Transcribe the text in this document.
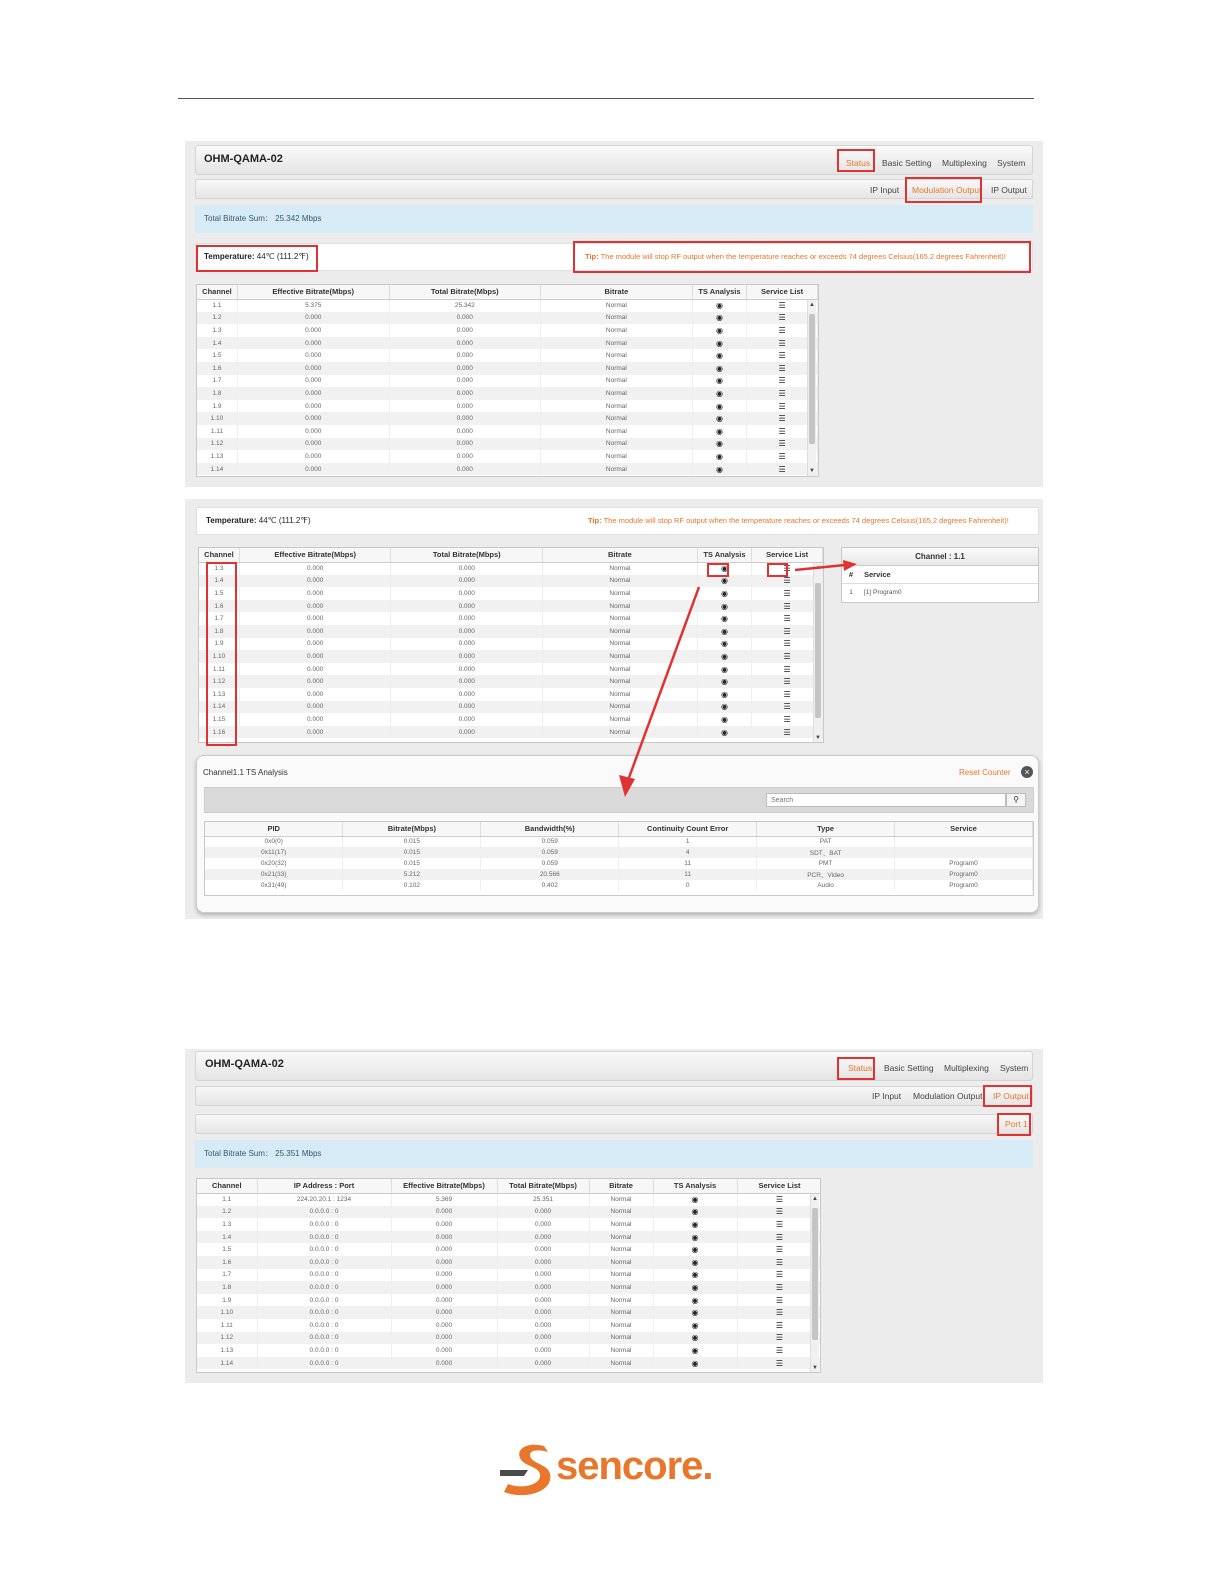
OHM-QAMA-02	Status Basic Setting Multiplexing System
IP Input Modulation Output IP Output
Total Bitrate Sum： 25.342 Mbps
Temperature: 44℃ (111.2℉)	Tip: The module will stop RF output when the temperature reaches or exceeds 74 degrees Celsius(165.2 degrees Fahrenheit)!
Channel	Effective Bitrate(Mbps)	Total Bitrate(Mbps)	Bitrate	TS Analysis	Service List
1.1	5.375	25.342	Normal	◉	☰
1.2	0.000	0.000	Normal	◉	☰
1.3	0.000	0.000	Normal	◉	☰
1.4	0.000	0.000	Normal	◉	☰
1.5	0.000	0.000	Normal	◉	☰
1.6	0.000	0.000	Normal	◉	☰
1.7	0.000	0.000	Normal	◉	☰
1.8	0.000	0.000	Normal	◉	☰
1.9	0.000	0.000	Normal	◉	☰
1.10	0.000	0.000	Normal	◉	☰
1.11	0.000	0.000	Normal	◉	☰
1.12	0.000	0.000	Normal	◉	☰
1.13	0.000	0.000	Normal	◉	☰
1.14	0.000	0.000	Normal	◉	☰
▲
▼
Temperature: 44℃ (111.2℉)	Tip: The module will stop RF output when the temperature reaches or exceeds 74 degrees Celsius(165.2 degrees Fahrenheit)!
Channel	Effective Bitrate(Mbps)	Total Bitrate(Mbps)	Bitrate	TS Analysis	Service List
1.3	0.000	0.000	Normal	◉	☰
1.4	0.000	0.000	Normal	◉	☰
1.5	0.000	0.000	Normal	◉	☰
1.6	0.000	0.000	Normal	◉	☰
1.7	0.000	0.000	Normal	◉	☰
1.8	0.000	0.000	Normal	◉	☰
1.9	0.000	0.000	Normal	◉	☰
1.10	0.000	0.000	Normal	◉	☰
1.11	0.000	0.000	Normal	◉	☰
1.12	0.000	0.000	Normal	◉	☰
1.13	0.000	0.000	Normal	◉	☰
1.14	0.000	0.000	Normal	◉	☰
1.15	0.000	0.000	Normal	◉	☰
1.16	0.000	0.000	Normal	◉	☰
▼
Channel : 1.1
#	Service
1	[1] Program0
Channel1.1 TS Analysis	Reset Counter	×
Search
⚲
PID	Bitrate(Mbps)	Bandwidth(%)	Continuity Count Error	Type	Service
0x0(0)	0.015	0.059	1	PAT	
0x11(17)	0.015	0.059	4	SDT、BAT	
0x20(32)	0.015	0.059	11	PMT	Program0
0x21(33)	5.212	20.566	11	PCR、Video	Program0
0x31(49)	0.102	0.402	0	Audio	Program0
OHM-QAMA-02	Status Basic Setting Multiplexing System
IP Input Modulation Output IP Output
Port 1
Total Bitrate Sum： 25.351 Mbps
Channel	IP Address : Port	Effective Bitrate(Mbps)	Total Bitrate(Mbps)	Bitrate	TS Analysis	Service List
1.1	224.20.20.1 : 1234	5.369	25.351	Normal	◉	☰
1.2	0.0.0.0 : 0	0.000	0.000	Normal	◉	☰
1.3	0.0.0.0 : 0	0.000	0.000	Normal	◉	☰
1.4	0.0.0.0 : 0	0.000	0.000	Normal	◉	☰
1.5	0.0.0.0 : 0	0.000	0.000	Normal	◉	☰
1.6	0.0.0.0 : 0	0.000	0.000	Normal	◉	☰
1.7	0.0.0.0 : 0	0.000	0.000	Normal	◉	☰
1.8	0.0.0.0 : 0	0.000	0.000	Normal	◉	☰
1.9	0.0.0.0 : 0	0.000	0.000	Normal	◉	☰
1.10	0.0.0.0 : 0	0.000	0.000	Normal	◉	☰
1.11	0.0.0.0 : 0	0.000	0.000	Normal	◉	☰
1.12	0.0.0.0 : 0	0.000	0.000	Normal	◉	☰
1.13	0.0.0.0 : 0	0.000	0.000	Normal	◉	☰
1.14	0.0.0.0 : 0	0.000	0.000	Normal	◉	☰
▲
▼
sencore.
